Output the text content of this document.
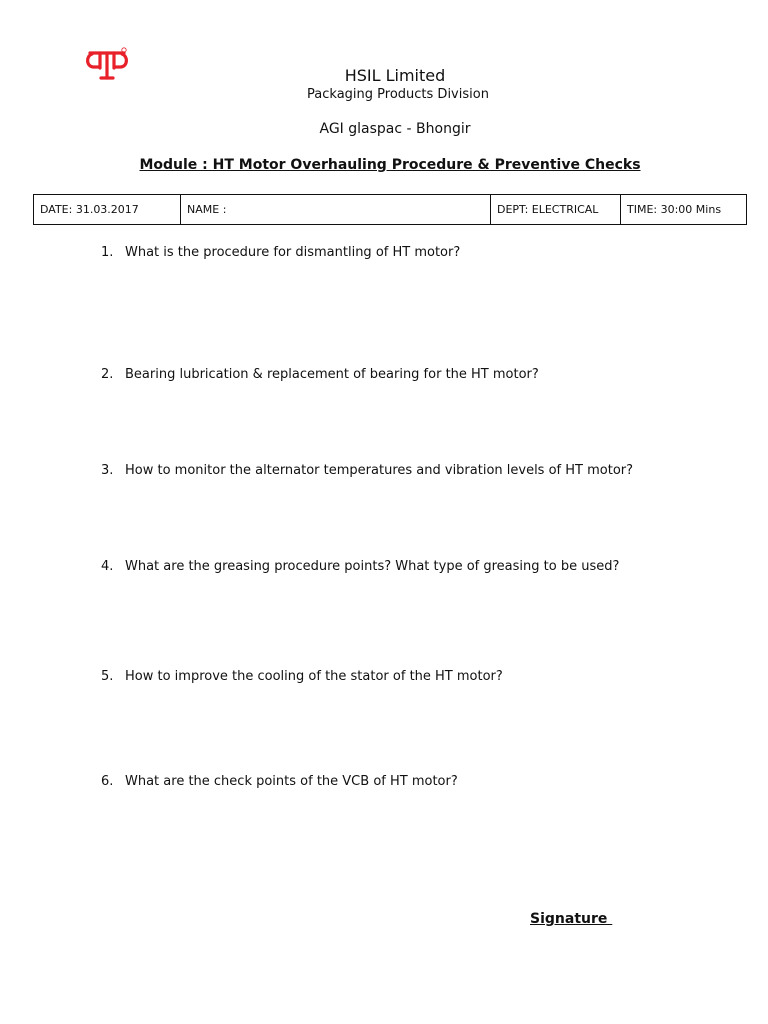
HSIL Limited
Packaging Products Division
AGI glaspac - Bhongir
Module : HT Motor Overhauling Procedure & Preventive Checks
DATE: 31.03.2017	NAME :	DEPT: ELECTRICAL	TIME: 30:00 Mins
1. What is the procedure for dismantling of HT motor?
2. Bearing lubrication & replacement of bearing for the HT motor?
3. How to monitor the alternator temperatures and vibration levels of HT motor?
4. What are the greasing procedure points? What type of greasing to be used?
5. How to improve the cooling of the stator of the HT motor?
6. What are the check points of the VCB of HT motor?
Signature
